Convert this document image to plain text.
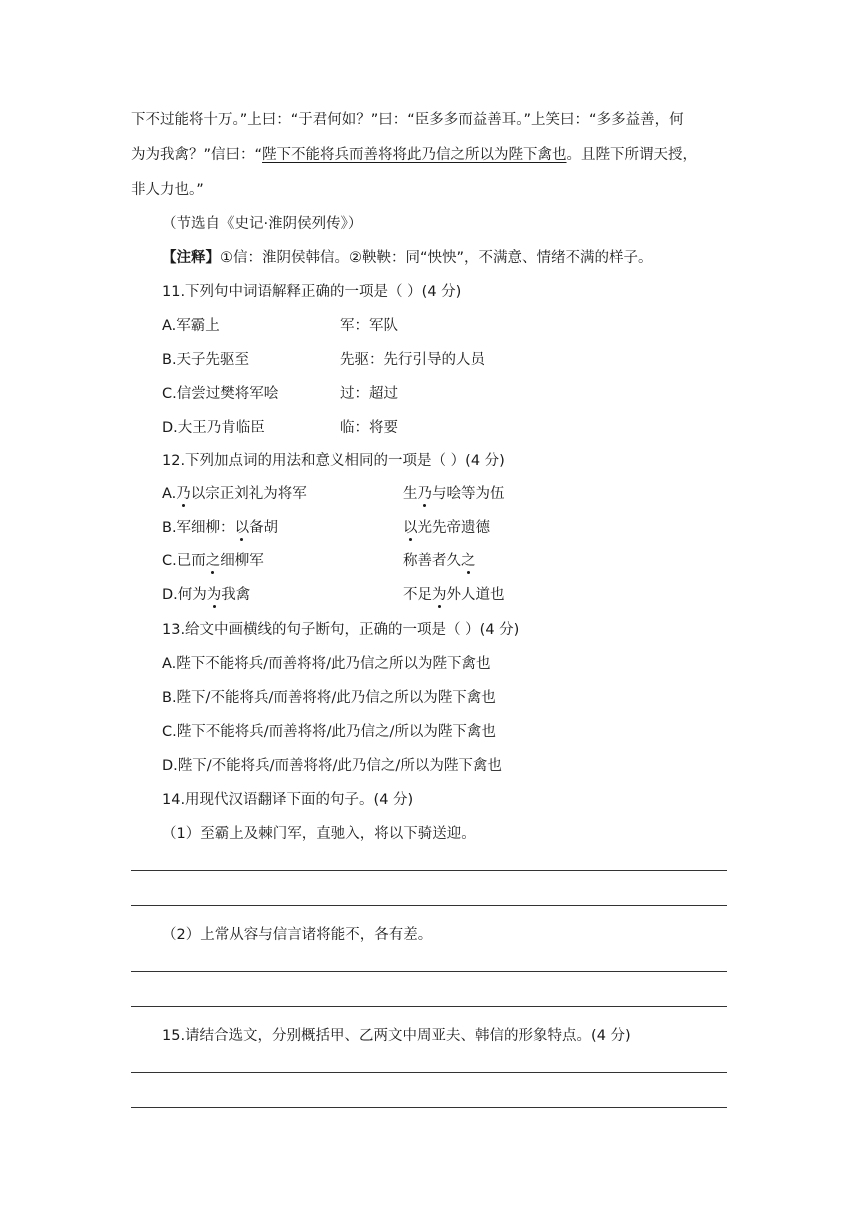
下不过能将十万。”上曰：“于君何如？”曰：“臣多多而益善耳。”上笑曰：“多多益善，何
为为我禽？”信曰：“陛下不能将兵而善将将此乃信之所以为陛下禽也。且陛下所谓天授，
非人力也。”
（节选自《史记·淮阴侯列传》）
【注释】①信：淮阴侯韩信。②鞅鞅：同“怏怏”，不满意、情绪不满的样子。
11.下列句中词语解释正确的一项是（ ）(4 分)
A.军霸上	军：军队
B.天子先驱至	先驱：先行引导的人员
C.信尝过樊将军哙	过：超过
D.大王乃肯临臣	临：将要
12.下列加点词的用法和意义相同的一项是（ ）(4 分)
A.乃以宗正刘礼为将军	生乃与哙等为伍
B.军细柳：以备胡	以光先帝遗德
C.已而之细柳军	称善者久之
D.何为为我禽	不足为外人道也
13.给文中画横线的句子断句，正确的一项是（ ）(4 分)
A.陛下不能将兵/而善将将/此乃信之所以为陛下禽也
B.陛下/不能将兵/而善将将/此乃信之所以为陛下禽也
C.陛下不能将兵/而善将将/此乃信之/所以为陛下禽也
D.陛下/不能将兵/而善将将/此乃信之/所以为陛下禽也
14.用现代汉语翻译下面的句子。(4 分)
（1）至霸上及棘门军，直驰入，将以下骑送迎。
（2）上常从容与信言诸将能不，各有差。
15.请结合选文，分别概括甲、乙两文中周亚夫、韩信的形象特点。(4 分)
